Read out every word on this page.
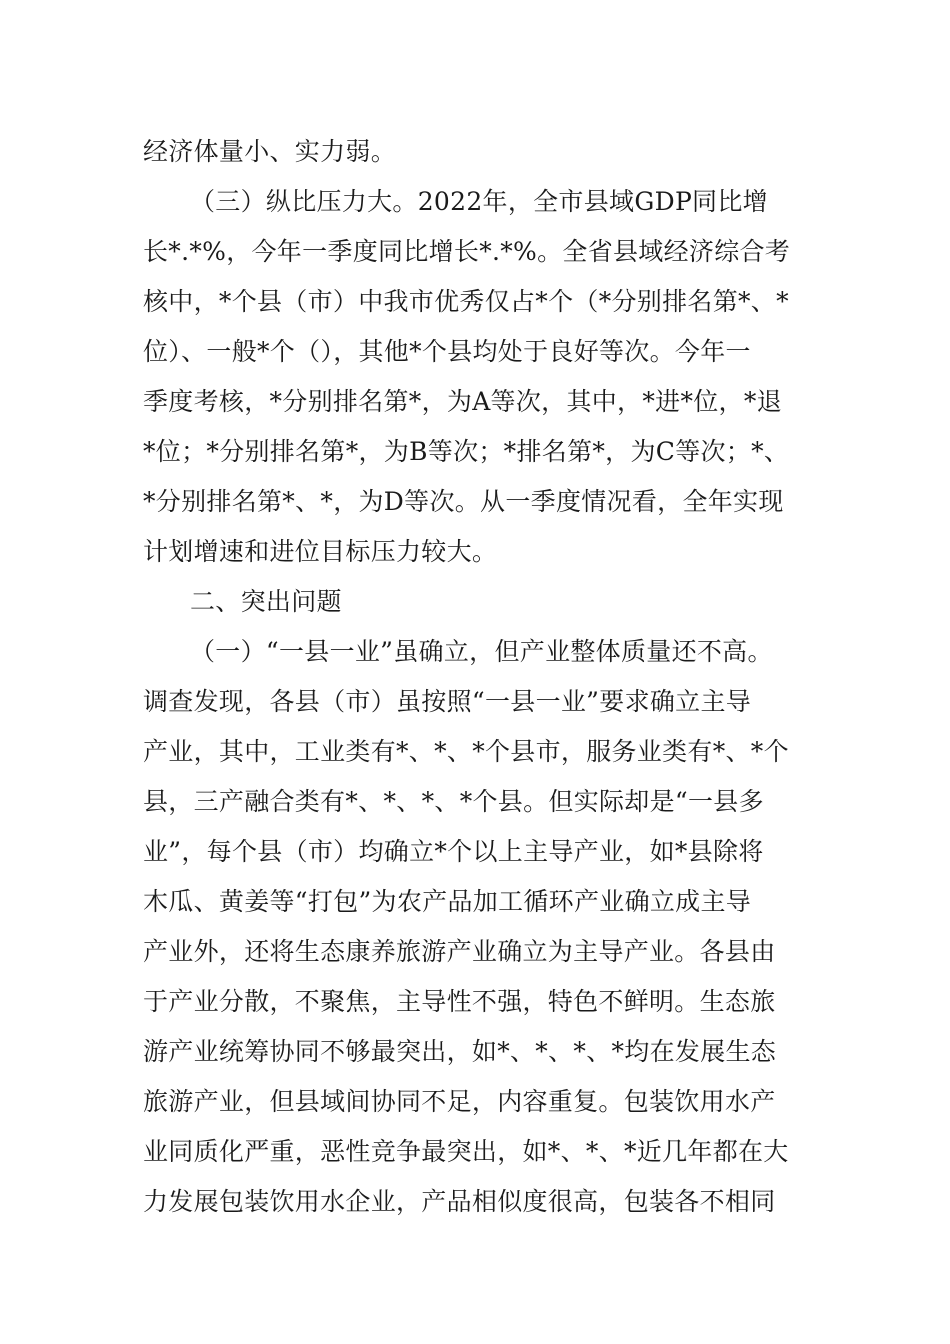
经济体量小、实力弱。
（三）纵比压力大。2022年，全市县域GDP同比增
长*.*%，今年一季度同比增长*.*%。全省县域经济综合考
核中，*个县（市）中我市优秀仅占*个（*分别排名第*、*
位）、一般*个（），其他*个县均处于良好等次。今年一
季度考核，*分别排名第*，为A等次，其中，*进*位，*退
*位；*分别排名第*，为B等次；*排名第*，为C等次；*、
*分别排名第*、*，为D等次。从一季度情况看，全年实现
计划增速和进位目标压力较大。
二、突出问题
（一）“一县一业”虽确立，但产业整体质量还不高。
调查发现，各县（市）虽按照“一县一业”要求确立主导
产业，其中，工业类有*、*、*个县市，服务业类有*、*个
县，三产融合类有*、*、*、*个县。但实际却是“一县多
业”，每个县（市）均确立*个以上主导产业，如*县除将
木瓜、黄姜等“打包”为农产品加工循环产业确立成主导
产业外，还将生态康养旅游产业确立为主导产业。各县由
于产业分散，不聚焦，主导性不强，特色不鲜明。生态旅
游产业统筹协同不够最突出，如*、*、*、*均在发展生态
旅游产业，但县域间协同不足，内容重复。包装饮用水产
业同质化严重，恶性竞争最突出，如*、*、*近几年都在大
力发展包装饮用水企业，产品相似度很高，包装各不相同
